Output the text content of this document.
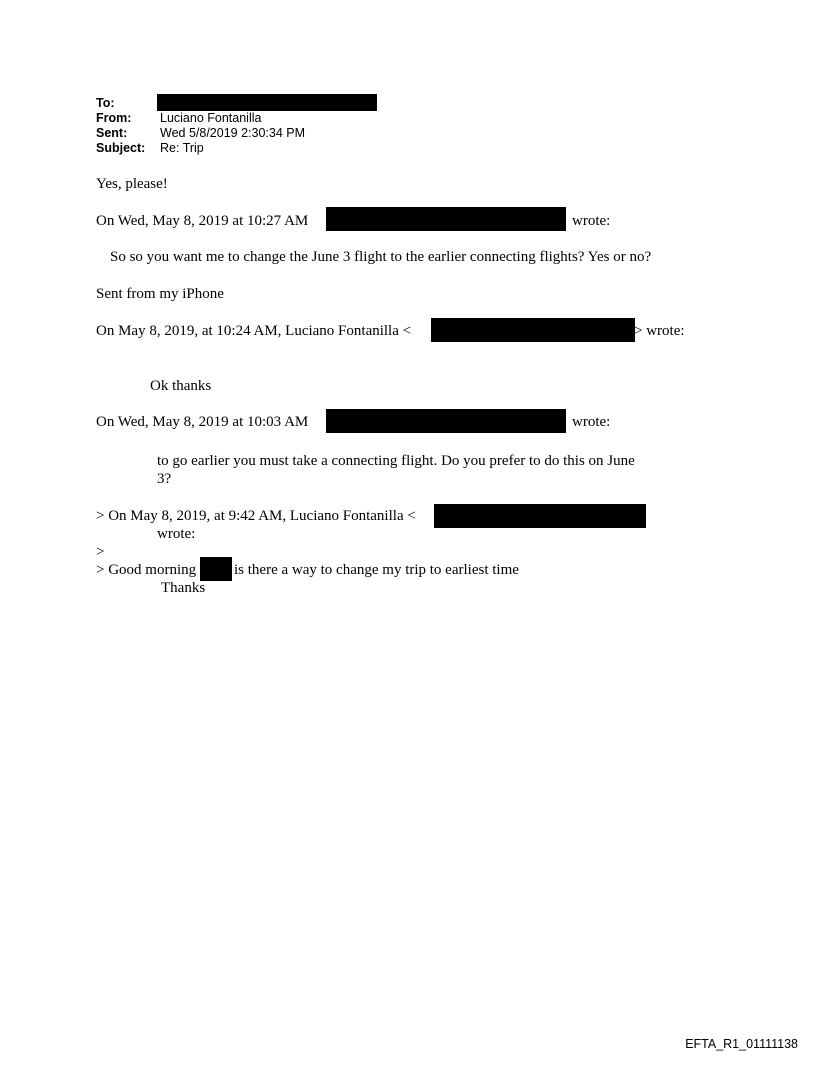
To:
From: Luciano Fontanilla
Sent:	Wed 5/8/2019 2:30:34 PM
Subject: Re: Trip
Yes, please!
On Wed, May 8, 2019 at 10:27 AM	wrote:
So so you want me to change the June 3 flight to the earlier connecting flights? Yes or no?
Sent from my iPhone
On May 8, 2019, at 10:24 AM, Luciano Fontanilla <	> wrote:
Ok thanks
On Wed, May 8, 2019 at 10:03 AM	wrote:
to go earlier you must take a connecting flight. Do you prefer to do this on June
3?
> On May 8, 2019, at 9:42 AM, Luciano Fontanilla <
wrote:
>
> Good morning	is there a way to change my trip to earliest time
Thanks
EFTA_R1_01111138
